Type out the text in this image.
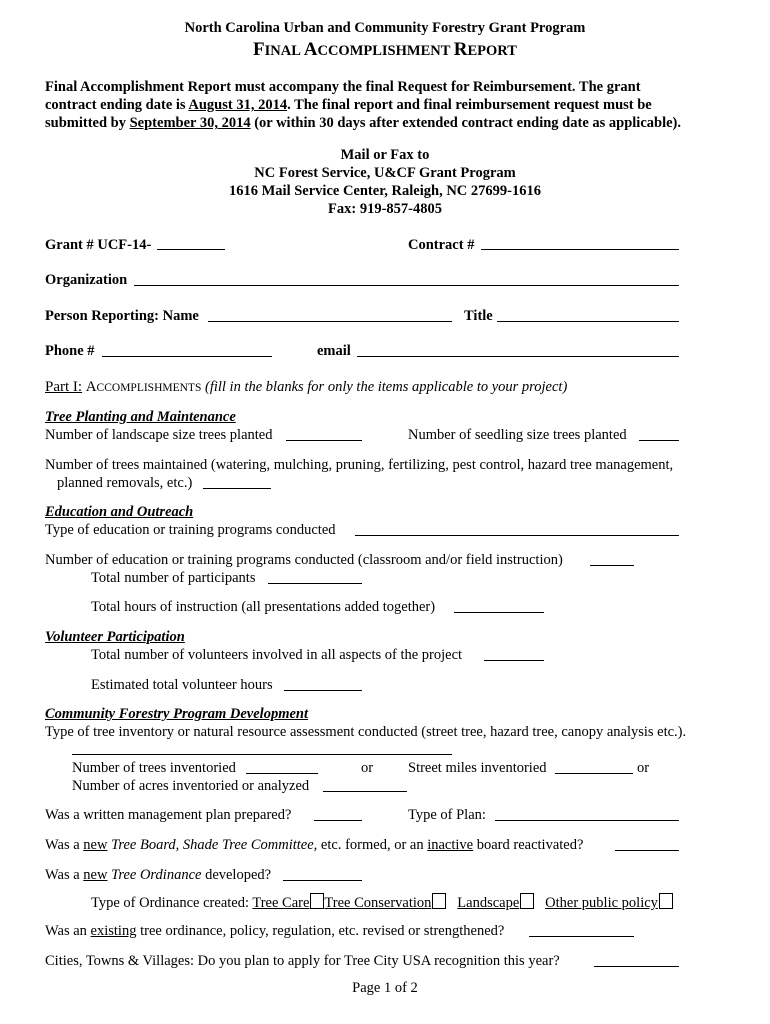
North Carolina Urban and Community Forestry Grant Program
FINAL ACCOMPLISHMENT REPORT
Final Accomplishment Report must accompany the final Request for Reimbursement. The grant
contract ending date is August 31, 2014. The final report and final reimbursement request must be
submitted by September 30, 2014 (or within 30 days after extended contract ending date as applicable).
Mail or Fax to
NC Forest Service, U&CF Grant Program
1616 Mail Service Center, Raleigh, NC 27699-1616
Fax: 919-857-4805
Grant # UCF-14-	Contract #
Organization
Person Reporting: Name	Title
Phone #	email
Part I: ACCOMPLISHMENTS (fill in the blanks for only the items applicable to your project)
Tree Planting and Maintenance
Number of landscape size trees planted	Number of seedling size trees planted
Number of trees maintained (watering, mulching, pruning, fertilizing, pest control, hazard tree management,
planned removals, etc.)
Education and Outreach
Type of education or training programs conducted
Number of education or training programs conducted (classroom and/or field instruction)
Total number of participants
Total hours of instruction (all presentations added together)
Volunteer Participation
Total number of volunteers involved in all aspects of the project
Estimated total volunteer hours
Community Forestry Program Development
Type of tree inventory or natural resource assessment conducted (street tree, hazard tree, canopy analysis etc.).
Number of trees inventoried	or Street miles inventoried	or
Number of acres inventoried or analyzed
Was a written management plan prepared?	Type of Plan:
Was a new Tree Board, Shade Tree Committee, etc. formed, or an inactive board reactivated?
Was a new Tree Ordinance developed?
Type of Ordinance created: Tree Care Tree Conservation Landscape Other public policy
Was an existing tree ordinance, policy, regulation, etc. revised or strengthened?
Cities, Towns & Villages: Do you plan to apply for Tree City USA recognition this year?
Page 1 of 2
